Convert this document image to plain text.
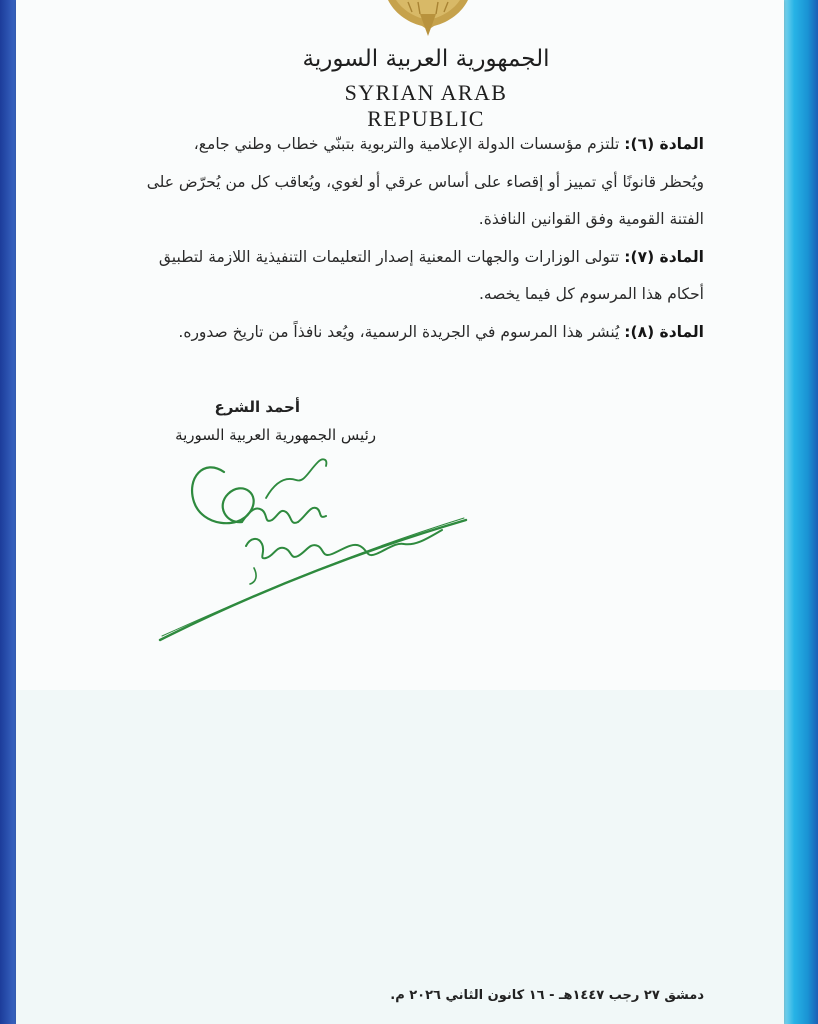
الجمهورية العربية السورية
SYRIAN ARAB REPUBLIC
المادة (٦): تلتزم مؤسسات الدولة الإعلامية والتربوية بتبنّي خطاب وطني جامع،
ويُحظر قانونًا أي تمييز أو إقصاء على أساس عرقي أو لغوي، ويُعاقب كل من يُحرّض على
الفتنة القومية وفق القوانين النافذة.
المادة (٧): تتولى الوزارات والجهات المعنية إصدار التعليمات التنفيذية اللازمة لتطبيق
أحكام هذا المرسوم كل فيما يخصه.
المادة (٨): يُنشر هذا المرسوم في الجريدة الرسمية، ويُعد نافذاً من تاريخ صدوره.
أحمد الشرع
رئيس الجمهورية العربية السورية
دمشق ٢٧ رجب ١٤٤٧هـ - ١٦ كانون الثاني ٢٠٢٦ م.
